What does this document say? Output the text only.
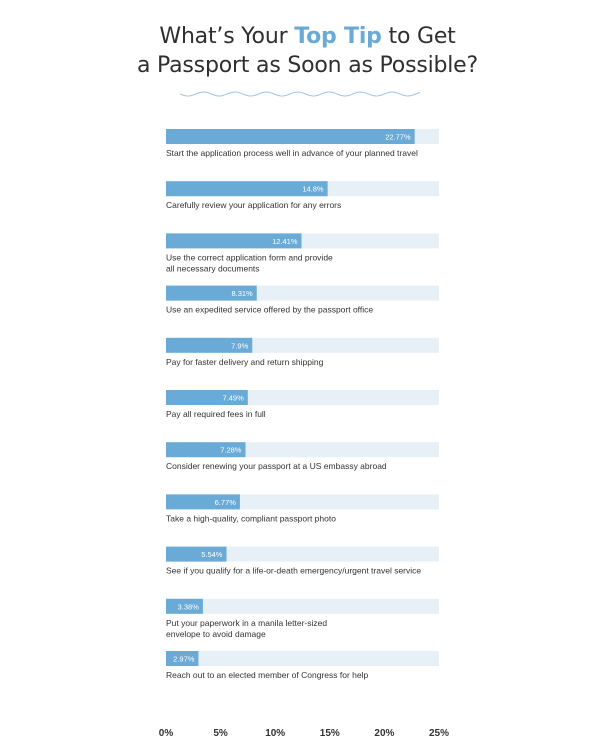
What’s Your Top Tip to Get
a Passport as Soon as Possible?
22.77%
Start the application process well in advance of your planned travel
14.8%
Carefully review your application for any errors
12.41%
Use the correct application form and provide
all necessary documents
8.31%
Use an expedited service offered by the passport office
7.9%
Pay for faster delivery and return shipping
7.49%
Pay all required fees in full
7.28%
Consider renewing your passport at a US embassy abroad
6.77%
Take a high-quality, compliant passport photo
5.54%
See if you qualify for a life-or-death emergency/urgent travel service
3.38%
Put your paperwork in a manila letter-sized
envelope to avoid damage
2.97%
Reach out to an elected member of Congress for help
0%	5%	10%	15%	20%	25%
